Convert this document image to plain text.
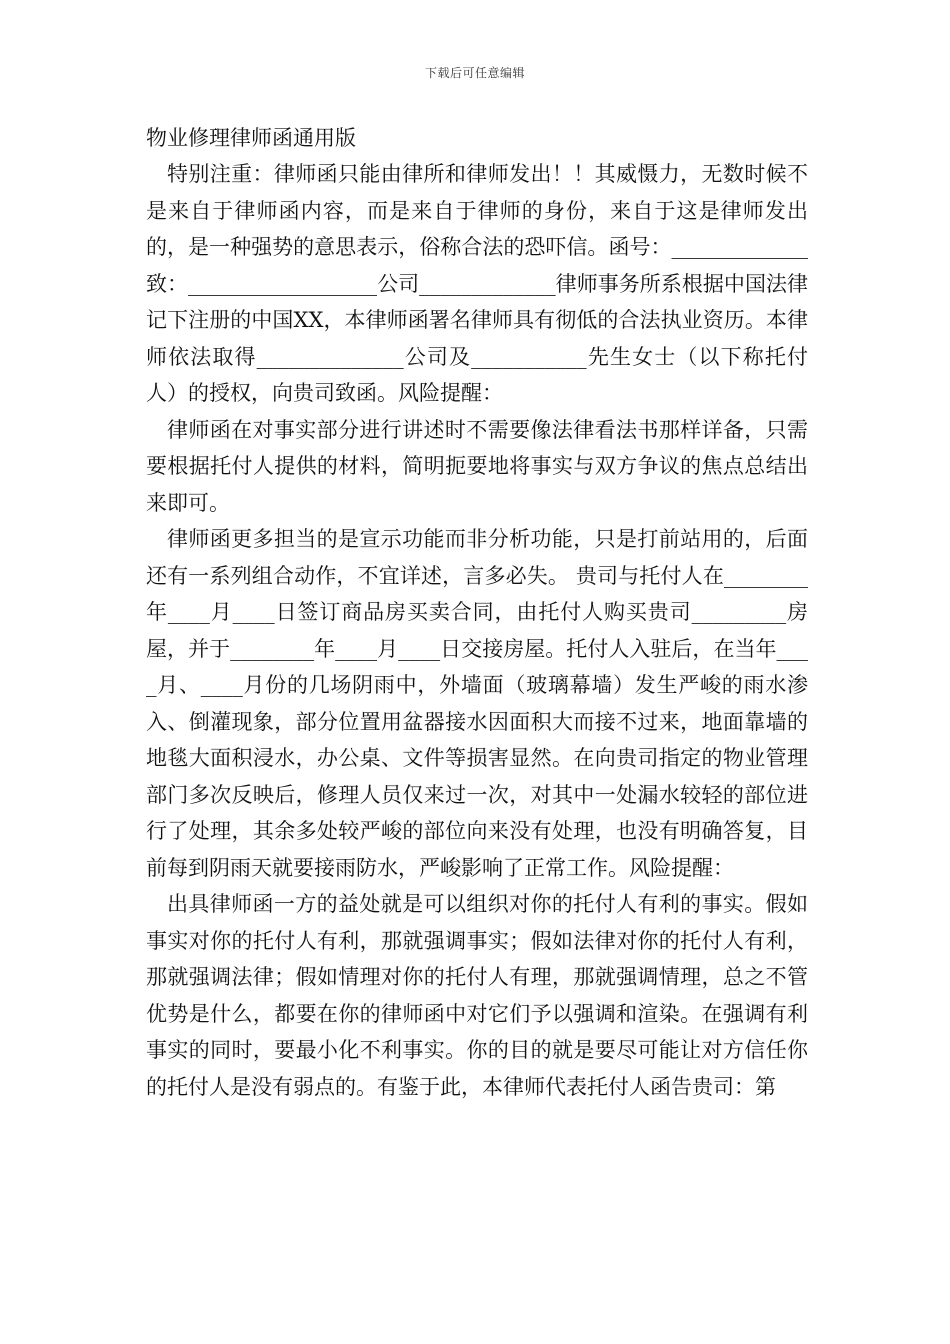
下载后可任意编辑

物业修理律师函通用版

特别注重：律师函只能由律所和律师发出！！其威慑力，无数时候不是来自于律师函内容，而是来自于律师的身份，来自于这是律师发出的，是一种强势的意思表示，俗称合法的恐吓信。函号：_____________致：__________________公司_____________律师事务所系根据中国法律记下注册的中国XX，本律师函署名律师具有彻低的合法执业资历。本律师依法取得______________公司及___________先生女士（以下称托付人）的授权，向贵司致函。风险提醒：

律师函在对事实部分进行讲述时不需要像法律看法书那样详备，只需要根据托付人提供的材料，简明扼要地将事实与双方争议的焦点总结出来即可。

律师函更多担当的是宣示功能而非分析功能，只是打前站用的，后面还有一系列组合动作，不宜详述，言多必失。 贵司与托付人在________年____月____日签订商品房买卖合同，由托付人购买贵司_________房屋，并于________年____月____日交接房屋。托付人入驻后，在当年____月、____月份的几场阴雨中，外墙面（玻璃幕墙）发生严峻的雨水渗入、倒灌现象，部分位置用盆器接水因面积大而接不过来，地面靠墙的地毯大面积浸水，办公桌、文件等损害显然。在向贵司指定的物业管理部门多次反映后，修理人员仅来过一次，对其中一处漏水较轻的部位进行了处理，其余多处较严峻的部位向来没有处理，也没有明确答复，目前每到阴雨天就要接雨防水，严峻影响了正常工作。风险提醒：

出具律师函一方的益处就是可以组织对你的托付人有利的事实。假如事实对你的托付人有利，那就强调事实；假如法律对你的托付人有利，那就强调法律；假如情理对你的托付人有理，那就强调情理，总之不管优势是什么，都要在你的律师函中对它们予以强调和渲染。在强调有利事实的同时，要最小化不利事实。你的目的就是要尽可能让对方信任你的托付人是没有弱点的。有鉴于此，本律师代表托付人函告贵司：第
